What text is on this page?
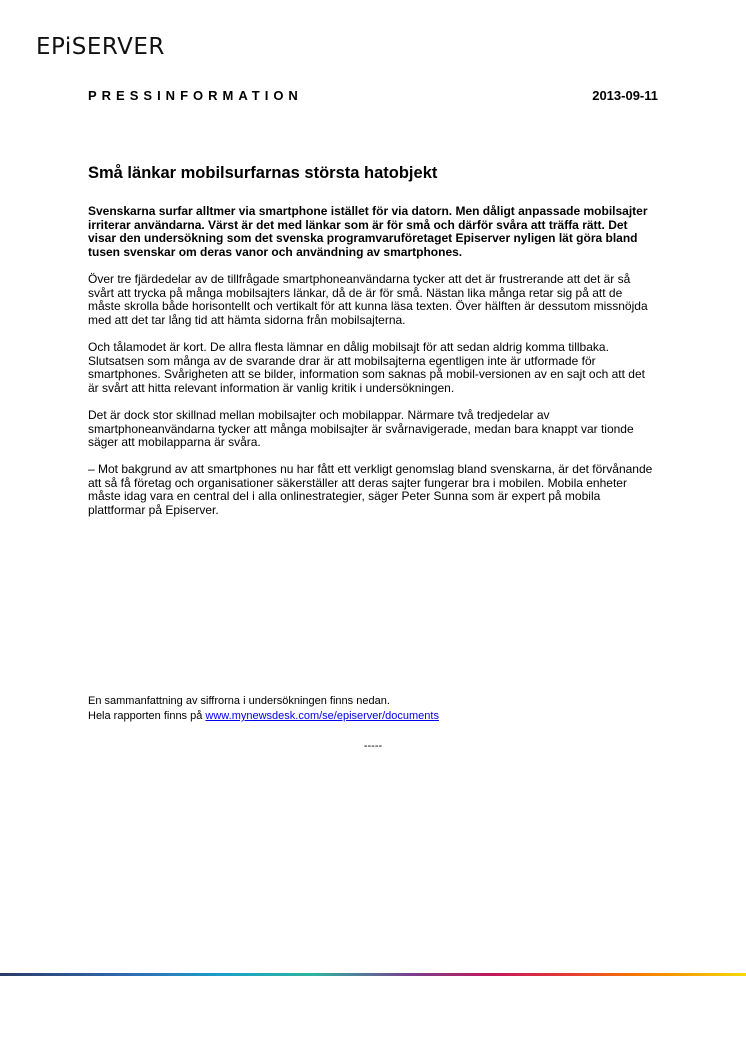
EPiSERVER
PRESSINFORMATION	2013-09-11
Små länkar mobilsurfarnas största hatobjekt

Svenskarna surfar alltmer via smartphone istället för via datorn. Men dåligt anpassade mobilsajter irriterar användarna. Värst är det med länkar som är för små och därför svåra att träffa rätt. Det visar den undersökning som det svenska programvaruföretaget Episerver nyligen lät göra bland tusen svenskar om deras vanor och användning av smartphones.

Över tre fjärdedelar av de tillfrågade smartphoneanvändarna tycker att det är frustrerande att det är så svårt att trycka på många mobilsajters länkar, då de är för små. Nästan lika många retar sig på att de måste skrolla både horisontellt och vertikalt för att kunna läsa texten. Över hälften är dessutom missnöjda med att det tar lång tid att hämta sidorna från mobilsajterna.

Och tålamodet är kort. De allra flesta lämnar en dålig mobilsajt för att sedan aldrig komma tillbaka. Slutsatsen som många av de svarande drar är att mobilsajterna egentligen inte är utformade för smartphones. Svårigheten att se bilder, information som saknas på mobil-versionen av en sajt och att det är svårt att hitta relevant information är vanlig kritik i undersökningen.

Det är dock stor skillnad mellan mobilsajter och mobilappar. Närmare två tredjedelar av smartphoneanvändarna tycker att många mobilsajter är svårnavigerade, medan bara knappt var tionde säger att mobilapparna är svåra.

– Mot bakgrund av att smartphones nu har fått ett verkligt genomslag bland svenskarna, är det förvånande att så få företag och organisationer säkerställer att deras sajter fungerar bra i mobilen. Mobila enheter måste idag vara en central del i alla onlinestrategier, säger Peter Sunna som är expert på mobila plattformar på Episerver.

En sammanfattning av siffrorna i undersökningen finns nedan.
Hela rapporten finns på www.mynewsdesk.com/se/episerver/documents
-----
